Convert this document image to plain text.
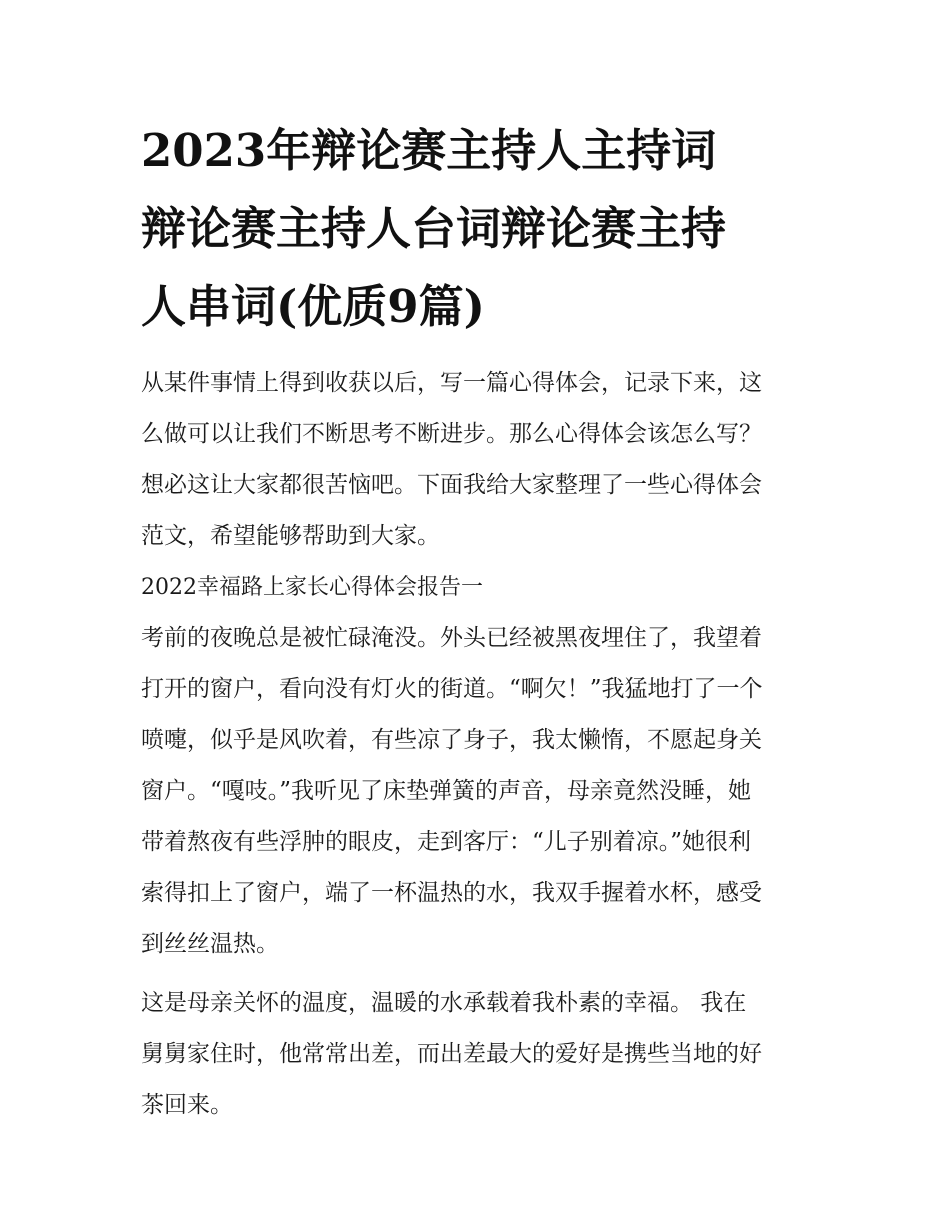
2023年辩论赛主持人主持词
辩论赛主持人台词辩论赛主持
人串词(优质9篇)

从某件事情上得到收获以后，写一篇心得体会，记录下来，这
么做可以让我们不断思考不断进步。那么心得体会该怎么写？
想必这让大家都很苦恼吧。下面我给大家整理了一些心得体会
范文，希望能够帮助到大家。

2022幸福路上家长心得体会报告一

考前的夜晚总是被忙碌淹没。外头已经被黑夜埋住了，我望着
打开的窗户，看向没有灯火的街道。“啊欠！”我猛地打了一个
喷嚏，似乎是风吹着，有些凉了身子，我太懒惰，不愿起身关
窗户。“嘎吱。”我听见了床垫弹簧的声音，母亲竟然没睡，她
带着熬夜有些浮肿的眼皮，走到客厅：“儿子别着凉。”她很利
索得扣上了窗户，端了一杯温热的水，我双手握着水杯，感受
到丝丝温热。

这是母亲关怀的温度，温暖的水承载着我朴素的幸福。 我在
舅舅家住时，他常常出差，而出差最大的爱好是携些当地的好
茶回来。
